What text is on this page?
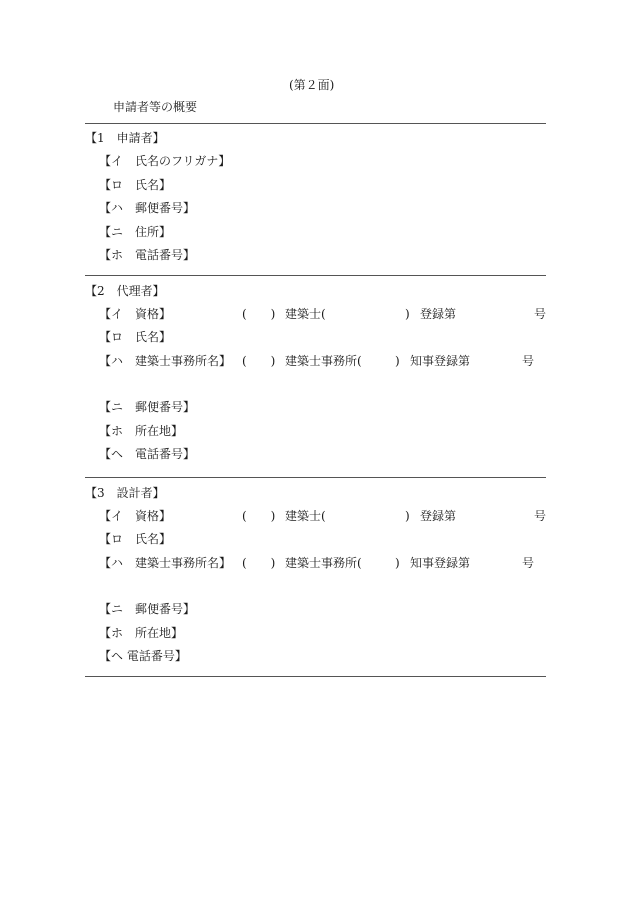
(第２面)
申請者等の概要
【1　申請者】
【イ　氏名のフリガナ】
【ロ　氏名】
【ハ　郵便番号】
【ニ　住所】
【ホ　電話番号】
【2　代理者】
【イ　資格】	(　　) 建築士(	) 登録第	号
【ロ　氏名】
【ハ　建築士事務所名】 (　　) 建築士事務所(	) 知事登録第	号
【ニ　郵便番号】
【ホ　所在地】
【ヘ　電話番号】
【3　設計者】
【イ　資格】	(　　) 建築士(	) 登録第	号
【ロ　氏名】
【ハ　建築士事務所名】 (　　) 建築士事務所(	) 知事登録第	号
【ニ　郵便番号】
【ホ　所在地】
【ヘ 電話番号】
